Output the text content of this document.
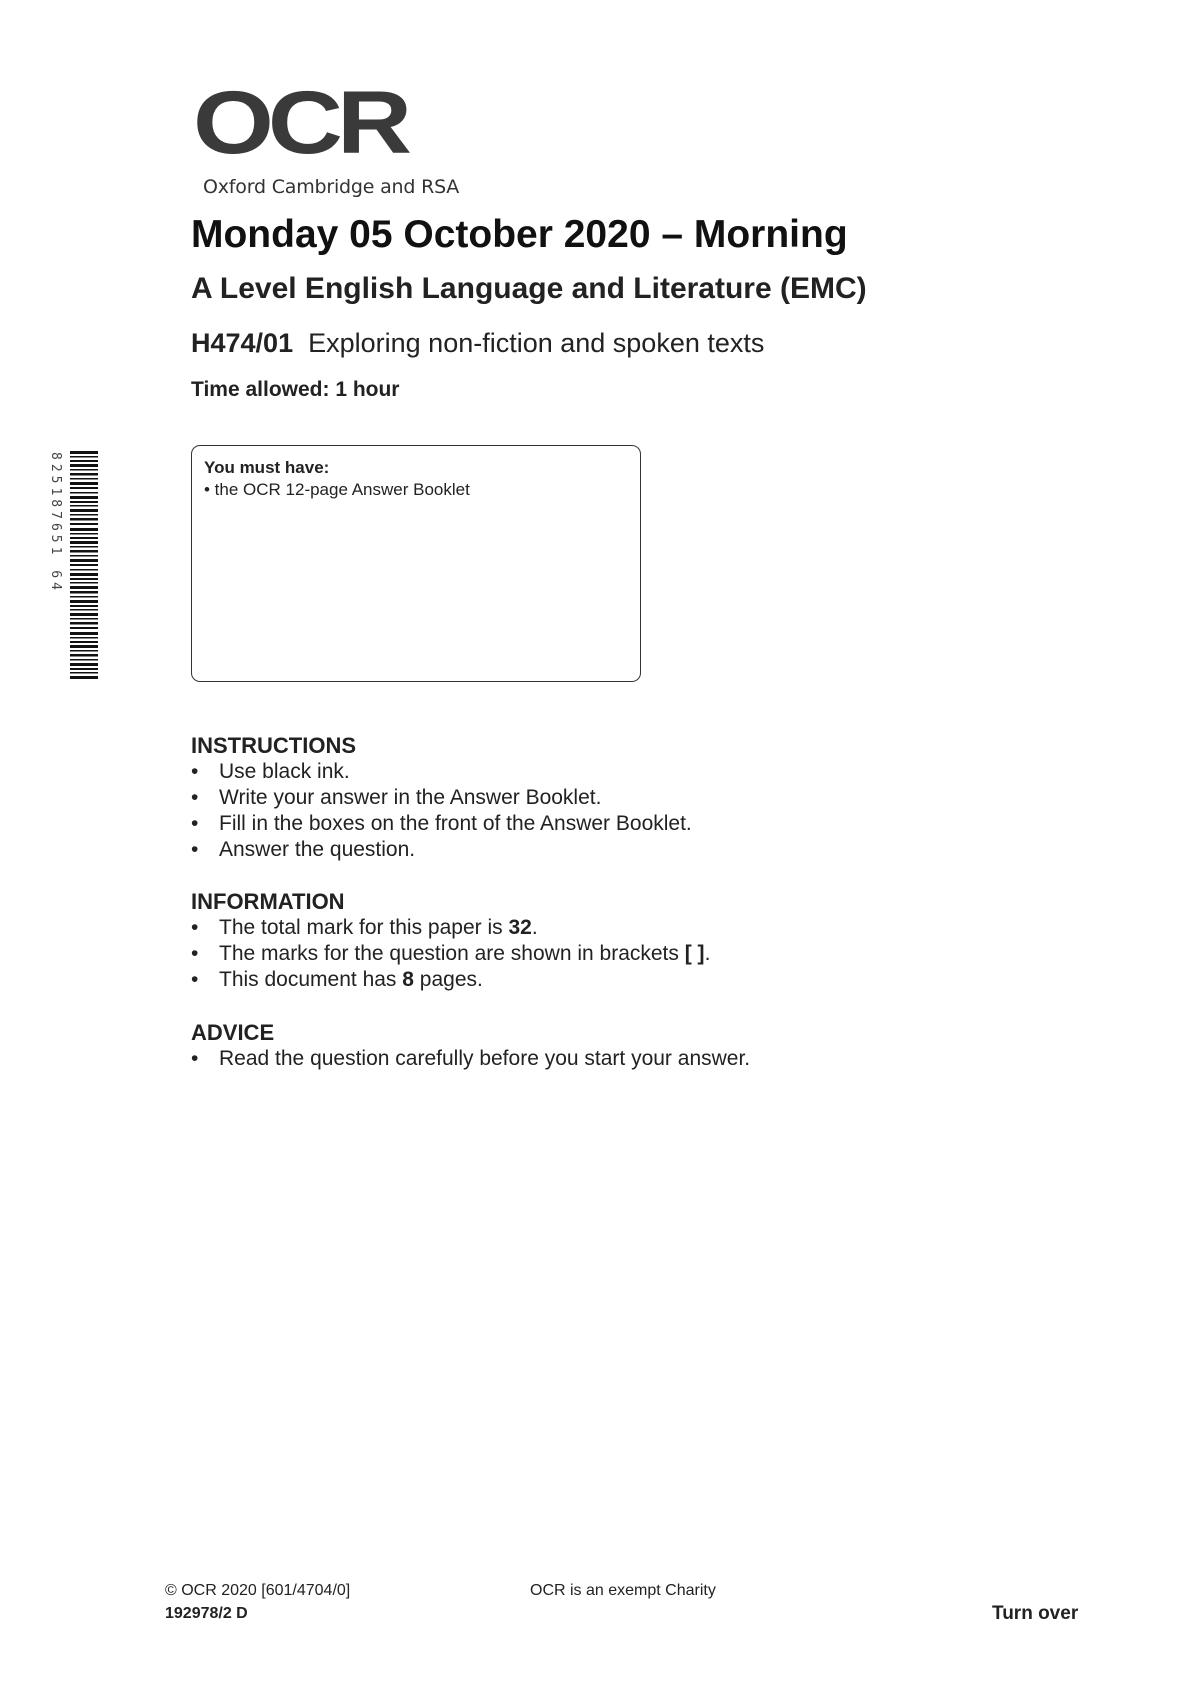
OCR
Oxford Cambridge and RSA
Monday 05 October 2020 – Morning
A Level English Language and Literature (EMC)
H474/01 Exploring non-fiction and spoken texts
Time allowed: 1 hour
825187651 64	You must have:
• the OCR 12-page Answer Booklet
INSTRUCTIONS
• Use black ink.
• Write your answer in the Answer Booklet.
• Fill in the boxes on the front of the Answer Booklet.
• Answer the question.
INFORMATION
• The total mark for this paper is 32.
• The marks for the question are shown in brackets [ ].
• This document has 8 pages.
ADVICE
• Read the question carefully before you start your answer.
© OCR 2020 [601/4704/0]	OCR is an exempt Charity
192978/2 D	Turn over
